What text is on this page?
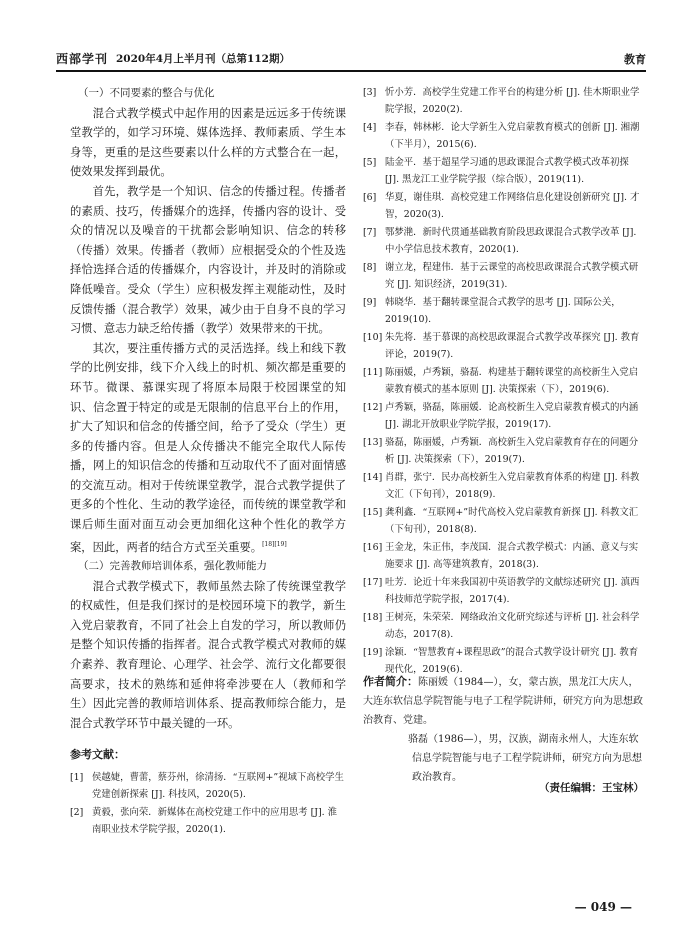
西部学刊 2020年4月上半月刊（总第112期）	教育

（一）不同要素的整合与优化

混合式教学模式中起作用的因素是远远多于传统课堂教学的，如学习环境、媒体选择、教师素质、学生本身等，更重的是这些要素以什么样的方式整合在一起，使效果发挥到最优。

首先，教学是一个知识、信念的传播过程。传播者的素质、技巧，传播媒介的选择，传播内容的设计、受众的情况以及噪音的干扰都会影响知识、信念的转移（传播）效果。传播者（教师）应根据受众的个性及选择恰选择合适的传播媒介，内容设计，并及时的消除或降低噪音。受众（学生）应积极发挥主观能动性，及时反馈传播（混合教学）效果，减少由于自身不良的学习习惯、意志力缺乏给传播（教学）效果带来的干扰。

其次，要注重传播方式的灵活选择。线上和线下教学的比例安排，线下介入线上的时机、频次都是重要的环节。微课、慕课实现了将原本局限于校园课堂的知识、信念置于特定的或是无限制的信息平台上的作用，扩大了知识和信念的传播空间，给予了受众（学生）更多的传播内容。但是人众传播决不能完全取代人际传播，网上的知识信念的传播和互动取代不了面对面情感的交流互动。相对于传统课堂教学，混合式教学提供了更多的个性化、生动的教学途径，而传统的课堂教学和课后师生面对面互动会更加细化这种个性化的教学方案，因此，两者的结合方式至关重要。[18][19]

（二）完善教师培训体系，强化教师能力

混合式教学模式下，教师虽然去除了传统课堂教学的权威性，但是我们探讨的是校园环境下的教学，新生入党启蒙教育，不同了社会上自发的学习，所以教师仍是整个知识传播的指挥者。混合式教学模式对教师的媒介素养、教育理论、心理学、社会学、流行文化都要很高要求，技术的熟练和延伸将牵涉要在人（教师和学生）因此完善的教师培训体系、提高教师综合能力，是混合式教学环节中最关键的一环。

参考文献：
[1] 侯越婕，曹蕾，蔡芬州，徐清扬．“互联网+”视域下高校学生党建创新探索 [J]. 科技风，2020(5).
[2] 黄毅，张向荣．新媒体在高校党建工作中的应用思考 [J]. 淮南职业技术学院学报，2020(1).
[3] 忻小芳．高校学生党建工作平台的构建分析 [J]. 佳木斯职业学院学报，2020(2).
[4] 李春，韩林彬．论大学新生入党启蒙教育模式的创新 [J]. 湘潮（下半月），2015(6).
[5] 陆金平．基于超星学习通的思政课混合式教学模式改革初探 [J]. 黑龙江工业学院学报（综合版），2019(11).
[6] 华夏，谢佳琪．高校党建工作网络信息化建设创新研究 [J]. 才智，2020(3).
[7] 鄂梦滟．新时代贯通基础教育阶段思政课混合式教学改革 [J]. 中小学信息技术教育，2020(1).
[8] 谢立龙，程建伟．基于云课堂的高校思政课混合式教学模式研究 [J]. 知识经济，2019(31).
[9] 韩晓华．基于翻转课堂混合式教学的思考 [J]. 国际公关，2019(10).
[10] 朱先将．基于慕课的高校思政课混合式教学改革探究 [J]. 教育评论，2019(7).
[11] 陈丽媛，卢秀颖，骆磊．构建基于翻转课堂的高校新生入党启蒙教育模式的基本原则 [J]. 决策探索（下），2019(6).
[12] 卢秀颖，骆磊，陈丽媛．论高校新生入党启蒙教育模式的内涵 [J]. 湖北开放职业学院学报，2019(17).
[13] 骆磊，陈丽媛，卢秀颖．高校新生入党启蒙教育存在的问题分析 [J]. 决策探索（下），2019(7).
[14] 肖群，张宁．民办高校新生入党启蒙教育体系的构建 [J]. 科教文汇（下旬刊），2018(9).
[15] 龚利鑫．“互联网+”时代高校入党启蒙教育新探 [J]. 科教文汇（下旬刊），2018(8).
[16] 王金龙，朱正伟，李茂国．混合式教学模式：内涵、意义与实施要求 [J]. 高等建筑教育，2018(3).
[17] 吐芳．论近十年来我国初中英语教学的文献综述研究 [J]. 滇西科技师范学院学报，2017(4).
[18] 王树亮，朱荣荣．网络政治文化研究综述与评析 [J]. 社会科学动态，2017(8).
[19] 涂颖．“智慧教育+课程思政”的混合式教学设计研究 [J]. 教育现代化，2019(6).
作者简介：陈丽媛（1984—），女，蒙古族，黑龙江大庆人，大连东软信息学院智能与电子工程学院讲师，研究方向为思想政治教育、党建。
骆磊（1986—），男，汉族，湖南永州人，大连东软信息学院智能与电子工程学院讲师，研究方向为思想政治教育。
（责任编辑：王宝林）
— 049 —
